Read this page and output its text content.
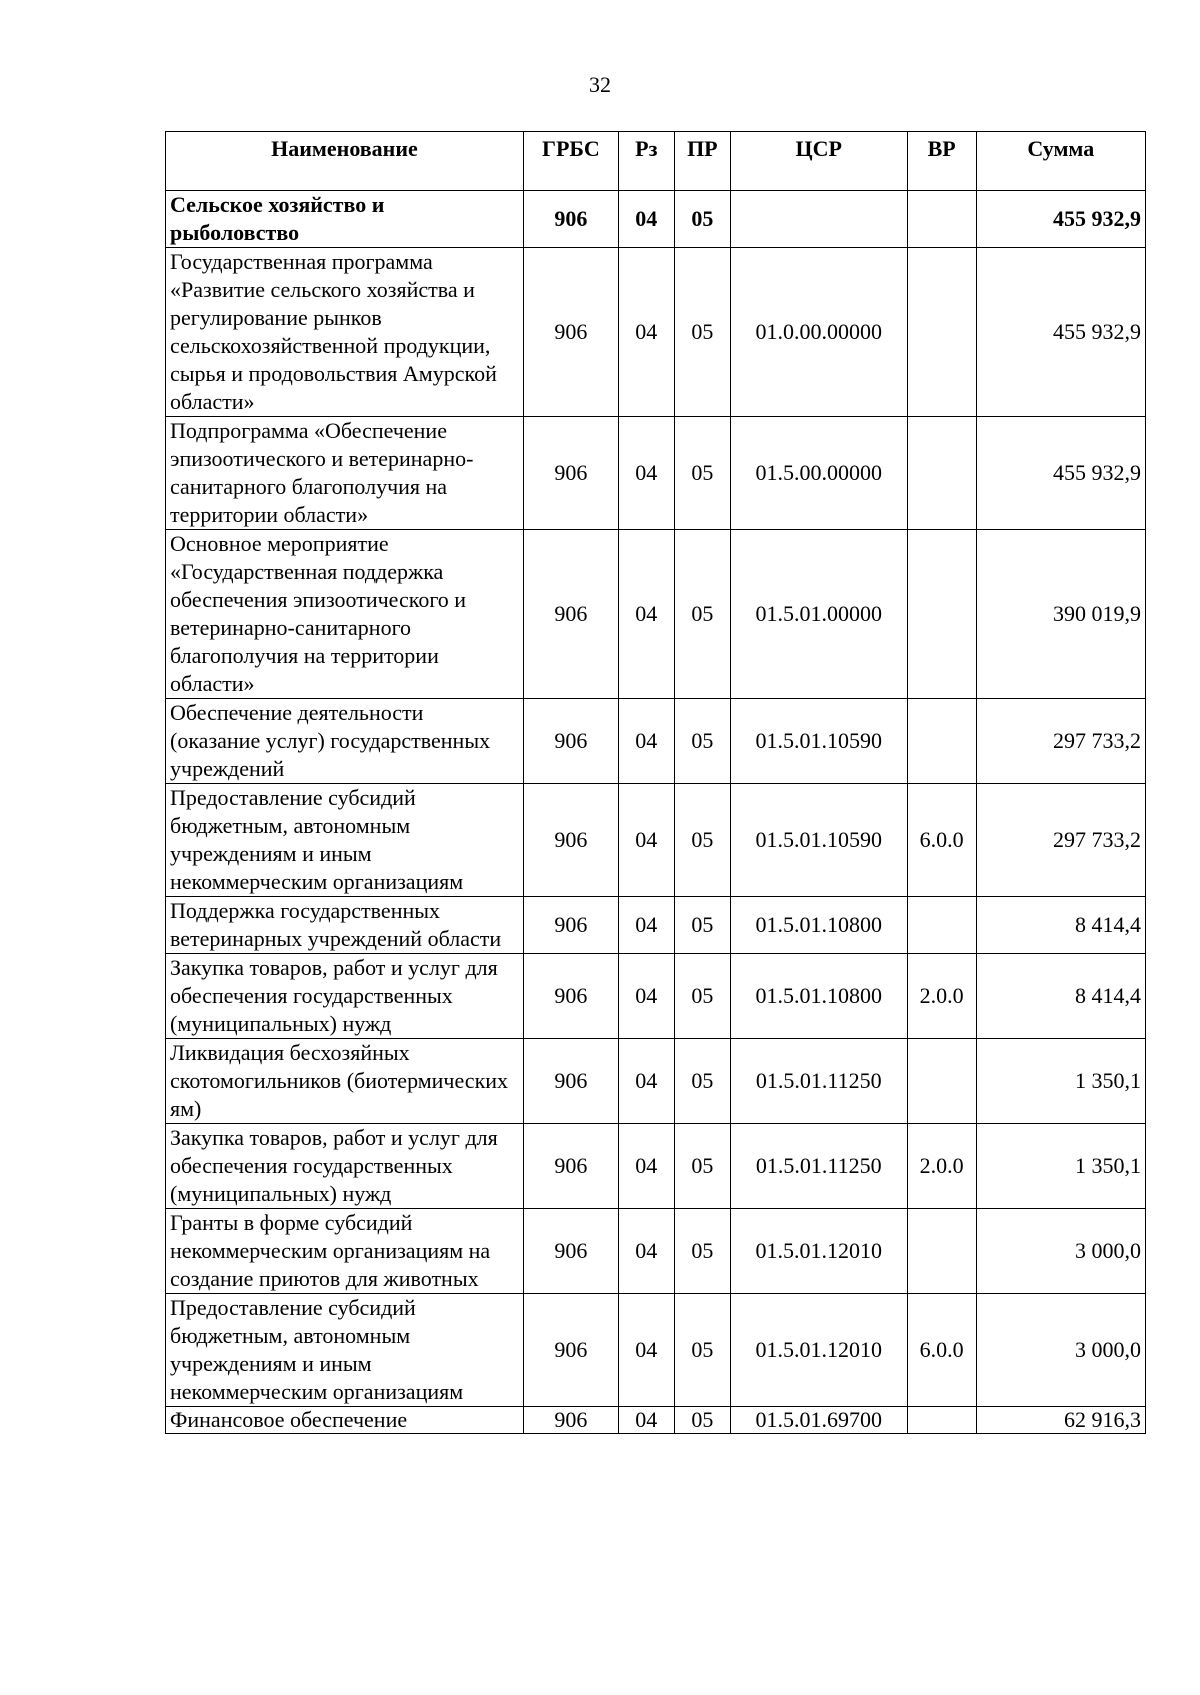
32
Наименование	ГРБС	Рз	ПР	ЦСР	ВР	Сумма
Сельское хозяйство и рыболовство	906	04	05			455 932,9
Государственная программа «Развитие сельского хозяйства и регулирование рынков сельскохозяйственной продукции, сырья и продовольствия Амурской области»	906	04	05	01.0.00.00000		455 932,9
Подпрограмма «Обеспечение эпизоотического и ветеринарно-санитарного благополучия на территории области»	906	04	05	01.5.00.00000		455 932,9
Основное мероприятие «Государственная поддержка обеспечения эпизоотического и ветеринарно-санитарного благополучия на территории области»	906	04	05	01.5.01.00000		390 019,9
Обеспечение деятельности (оказание услуг) государственных учреждений	906	04	05	01.5.01.10590		297 733,2
Предоставление субсидий бюджетным, автономным учреждениям и иным некоммерческим организациям	906	04	05	01.5.01.10590	6.0.0	297 733,2
Поддержка государственных ветеринарных учреждений области	906	04	05	01.5.01.10800		8 414,4
Закупка товаров, работ и услуг для обеспечения государственных (муниципальных) нужд	906	04	05	01.5.01.10800	2.0.0	8 414,4
Ликвидация бесхозяйных скотомогильников (биотермических ям)	906	04	05	01.5.01.11250		1 350,1
Закупка товаров, работ и услуг для обеспечения государственных (муниципальных) нужд	906	04	05	01.5.01.11250	2.0.0	1 350,1
Гранты в форме субсидий некоммерческим организациям на создание приютов для животных	906	04	05	01.5.01.12010		3 000,0
Предоставление субсидий бюджетным, автономным учреждениям и иным некоммерческим организациям	906	04	05	01.5.01.12010	6.0.0	3 000,0
Финансовое обеспечение	906	04	05	01.5.01.69700		62 916,3
